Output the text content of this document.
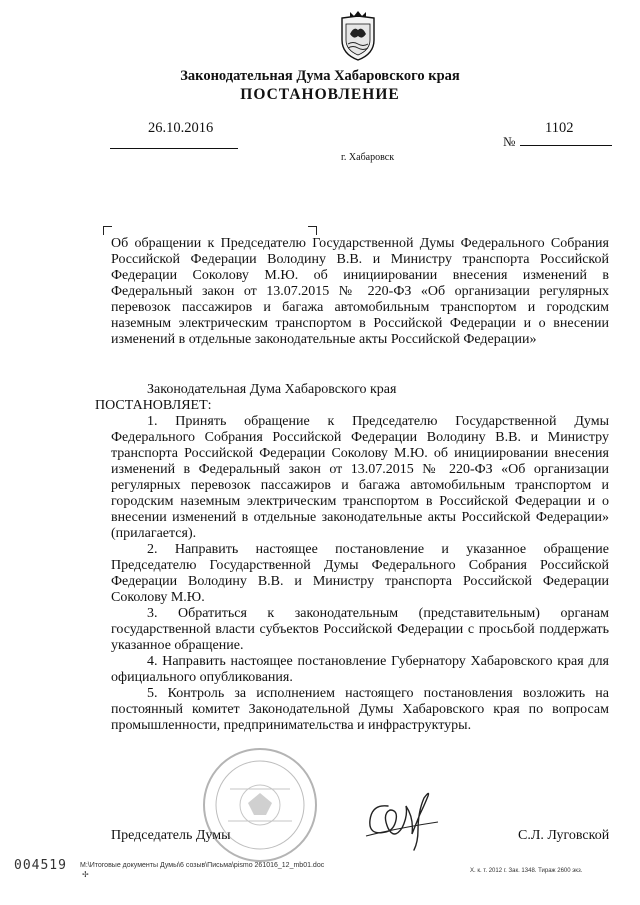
Законодательная Дума Хабаровского края
ПОСТАНОВЛЕНИЕ
26.10.2016	1102
№
г. Хабаровск
Об обращении к Председателю Государственной Думы Федерального Собрания Российской Федерации Володину В.В. и Министру транспорта Российской Федерации Соколову М.Ю. об инициировании внесения изменений в Федеральный закон от 13.07.2015 № 220-ФЗ «Об организации регулярных перевозок пассажиров и багажа автомобильным транспортом и городским наземным электрическим транспортом в Российской Федерации и о внесении изменений в отдельные законодательные акты Российской Федерации»
Законодательная Дума Хабаровского края
ПОСТАНОВЛЯЕТ:

1. Принять обращение к Председателю Государственной Думы Федерального Собрания Российской Федерации Володину В.В. и Министру транспорта Российской Федерации Соколову М.Ю. об инициировании внесения изменений в Федеральный закон от 13.07.2015 № 220-ФЗ «Об организации регулярных перевозок пассажиров и багажа автомобильным транспортом и городским наземным электрическим транспортом в Российской Федерации и о внесении изменений в отдельные законодательные акты Российской Федерации» (прилагается).

2. Направить настоящее постановление и указанное обращение Председателю Государственной Думы Федерального Собрания Российской Федерации Володину В.В. и Министру транспорта Российской Федерации Соколову М.Ю.

3. Обратиться к законодательным (представительным) органам государственной власти субъектов Российской Федерации с просьбой поддержать указанное обращение.

4. Направить настоящее постановление Губернатору Хабаровского края для официального опубликования.

5. Контроль за исполнением настоящего постановления возложить на постоянный комитет Законодательной Думы Хабаровского края по вопросам промышленности, предпринимательства и инфраструктуры.

Председатель Думы	С.Л. Луговской
004519 M:\Итоговые документы Думы\6 созыв\Письма\pismo 261016_12_mb01.doc
✢	Х. к. т. 2012 г. Зак. 1348. Тираж 2600 экз.
